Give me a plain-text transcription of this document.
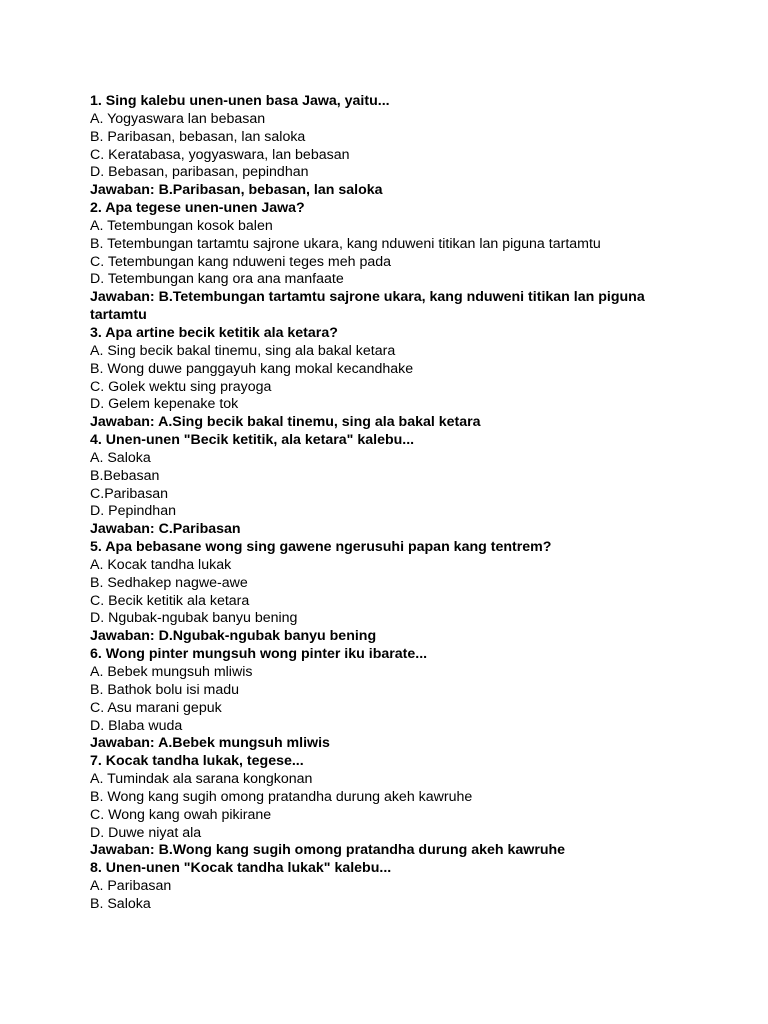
1. Sing kalebu unen-unen basa Jawa, yaitu...
A. Yogyaswara lan bebasan
B. Paribasan, bebasan, lan saloka
C. Keratabasa, yogyaswara, lan bebasan
D. Bebasan, paribasan, pepindhan
Jawaban: B.Paribasan, bebasan, lan saloka
2. Apa tegese unen-unen Jawa?
A. Tetembungan kosok balen
B. Tetembungan tartamtu sajrone ukara, kang nduweni titikan lan piguna tartamtu
C. Tetembungan kang nduweni teges meh pada
D. Tetembungan kang ora ana manfaate
Jawaban: B.Tetembungan tartamtu sajrone ukara, kang nduweni titikan lan piguna tartamtu
3. Apa artine becik ketitik ala ketara?
A. Sing becik bakal tinemu, sing ala bakal ketara
B. Wong duwe panggayuh kang mokal kecandhake
C. Golek wektu sing prayoga
D. Gelem kepenake tok
Jawaban: A.Sing becik bakal tinemu, sing ala bakal ketara
4. Unen-unen "Becik ketitik, ala ketara" kalebu...
A. Saloka
B.Bebasan
C.Paribasan
D. Pepindhan
Jawaban: C.Paribasan
5. Apa bebasane wong sing gawene ngerusuhi papan kang tentrem?
A. Kocak tandha lukak
B. Sedhakep nagwe-awe
C. Becik ketitik ala ketara
D. Ngubak-ngubak banyu bening
Jawaban: D.Ngubak-ngubak banyu bening
6. Wong pinter mungsuh wong pinter iku ibarate...
A. Bebek mungsuh mliwis
B. Bathok bolu isi madu
C. Asu marani gepuk
D. Blaba wuda
Jawaban: A.Bebek mungsuh mliwis
7. Kocak tandha lukak, tegese...
A. Tumindak ala sarana kongkonan
B. Wong kang sugih omong pratandha durung akeh kawruhe
C. Wong kang owah pikirane
D. Duwe niyat ala
Jawaban: B.Wong kang sugih omong pratandha durung akeh kawruhe
8. Unen-unen "Kocak tandha lukak" kalebu...
A. Paribasan
B. Saloka
